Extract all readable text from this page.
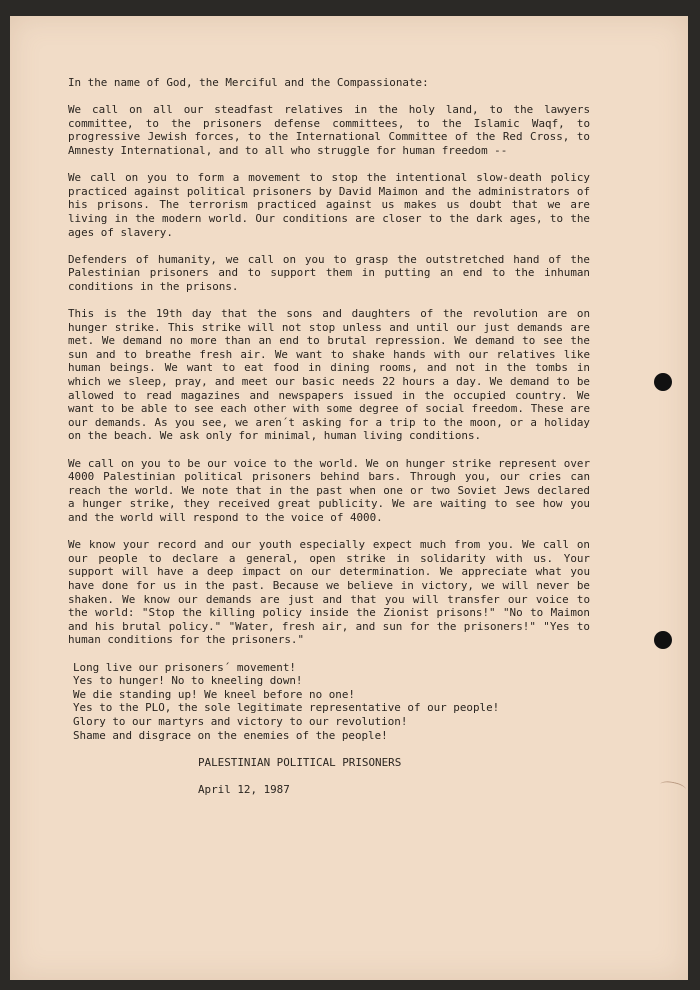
In the name of God, the Merciful and the Compassionate:

We call on all our steadfast relatives in the holy land, to the lawyers committee, to the prisoners defense committees, to the Islamic Waqf, to progressive Jewish forces, to the International Committee of the Red Cross, to Amnesty International, and to all who struggle for human freedom --

We call on you to form a movement to stop the intentional slow-death policy practiced against political prisoners by David Maimon and the administrators of his prisons. The terrorism practiced against us makes us doubt that we are living in the modern world. Our conditions are closer to the dark ages, to the ages of slavery.

Defenders of humanity, we call on you to grasp the outstretched hand of the Palestinian prisoners and to support them in putting an end to the inhuman conditions in the prisons.

This is the 19th day that the sons and daughters of the revolution are on hunger strike. This strike will not stop unless and until our just demands are met. We demand no more than an end to brutal repression. We demand to see the sun and to breathe fresh air. We want to shake hands with our relatives like human beings. We want to eat food in dining rooms, and not in the tombs in which we sleep, pray, and meet our basic needs 22 hours a day. We demand to be allowed to read magazines and newspapers issued in the occupied country. We want to be able to see each other with some degree of social freedom. These are our demands. As you see, we aren´t asking for a trip to the moon, or a holiday on the beach. We ask only for minimal, human living conditions.

We call on you to be our voice to the world. We on hunger strike represent over 4000 Palestinian political prisoners behind bars. Through you, our cries can reach the world. We note that in the past when one or two Soviet Jews declared a hunger strike, they received great publicity. We are waiting to see how you and the world will respond to the voice of 4000.

We know your record and our youth especially expect much from you. We call on our people to declare a general, open strike in solidarity with us. Your support will have a deep impact on our determination. We appreciate what you have done for us in the past. Because we believe in victory, we will never be shaken. We know our demands are just and that you will transfer our voice to the world: "Stop the killing policy inside the Zionist prisons!" "No to Maimon and his brutal policy." "Water, fresh air, and sun for the prisoners!" "Yes to human conditions for the prisoners."

Long live our prisoners´ movement!
Yes to hunger! No to kneeling down!
We die standing up! We kneel before no one!
Yes to the PLO, the sole legitimate representative of our people!
Glory to our martyrs and victory to our revolution!
Shame and disgrace on the enemies of the people!
PALESTINIAN POLITICAL PRISONERS
April 12, 1987
